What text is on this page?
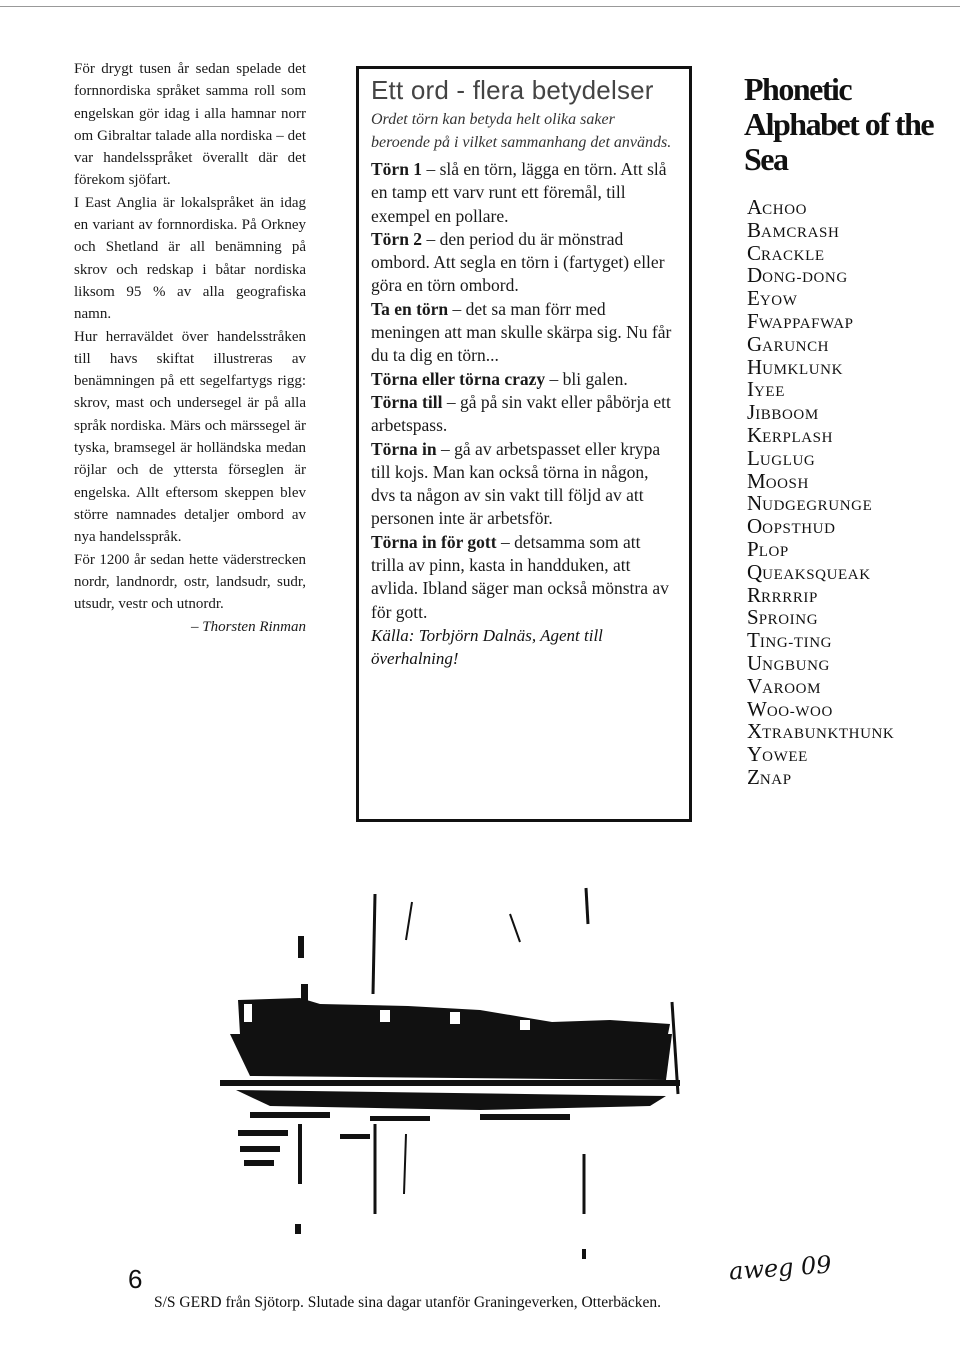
För drygt tusen år sedan spelade det fornnordiska språket samma roll som engelskan gör idag i alla hamnar norr om Gibraltar talade alla nordiska – det var handelsspråket överallt där det förekom sjöfart.

I East Anglia är lokalspråket än idag en variant av fornnordiska. På Orkney och Shetland är all benämning på skrov och redskap i båtar nordiska liksom 95 % av alla geografiska namn.

Hur herraväldet över handelsstråken till havs skiftat illustreras av benämningen på ett segelfartygs rigg: skrov, mast och undersegel är på alla språk nordiska. Märs och märssegel är tyska, bramsegel är holländska medan röjlar och de yttersta förseglen är engelska. Allt eftersom skeppen blev större namnades detaljer ombord av nya handelsspråk.

För 1200 år sedan hette väderstrecken nordr, landnordr, ostr, landsudr, sudr, utsudr, vestr och utnordr.

– Thorsten Rinman

Ett ord - flera betydelser

Ordet törn kan betyda helt olika saker beroende på i vilket sammanhang det används.

Törn 1 – slå en törn, lägga en törn. Att slå en tamp ett varv runt ett föremål, till exempel en pollare.

Törn 2 – den period du är mönstrad ombord. Att segla en törn i (fartyget) eller göra en törn ombord.

Ta en törn – det sa man förr med meningen att man skulle skärpa sig. Nu får du ta dig en törn...

Törna eller törna crazy – bli galen.

Törna till – gå på sin vakt eller påbörja ett arbetspass.

Törna in – gå av arbetspasset eller krypa till kojs. Man kan också törna in någon, dvs ta någon av sin vakt till följd av att personen inte är arbetsför.

Törna in för gott – detsamma som att trilla av pinn, kasta in handduken, att avlida. Ibland säger man också mönstra av för gott.

Källa: Torbjörn Dalnäs, Agent till överhalning!

Phonetic Alphabet of the Sea
ACHOO
BAMCRASH
CRACKLE
DONG-DONG
EYOW
FWAPPAFWAP
GARUNCH
HUMKLUNK
IYEE
JIBBOOM
KERPLASH
LUGLUG
MOOSH
NUDGEGRUNGE
OOPSTHUD
PLOP
QUEAKSQUEAK
RRRRRIP
SPROING
TING-TING
UNGBUNG
VAROOM
WOO-WOO
XTRABUNKTHUNK
YOWEE
ZNAP
6	aweg 09
S/S GERD från Sjötorp. Slutade sina dagar utanför Graningeverken, Otterbäcken.
